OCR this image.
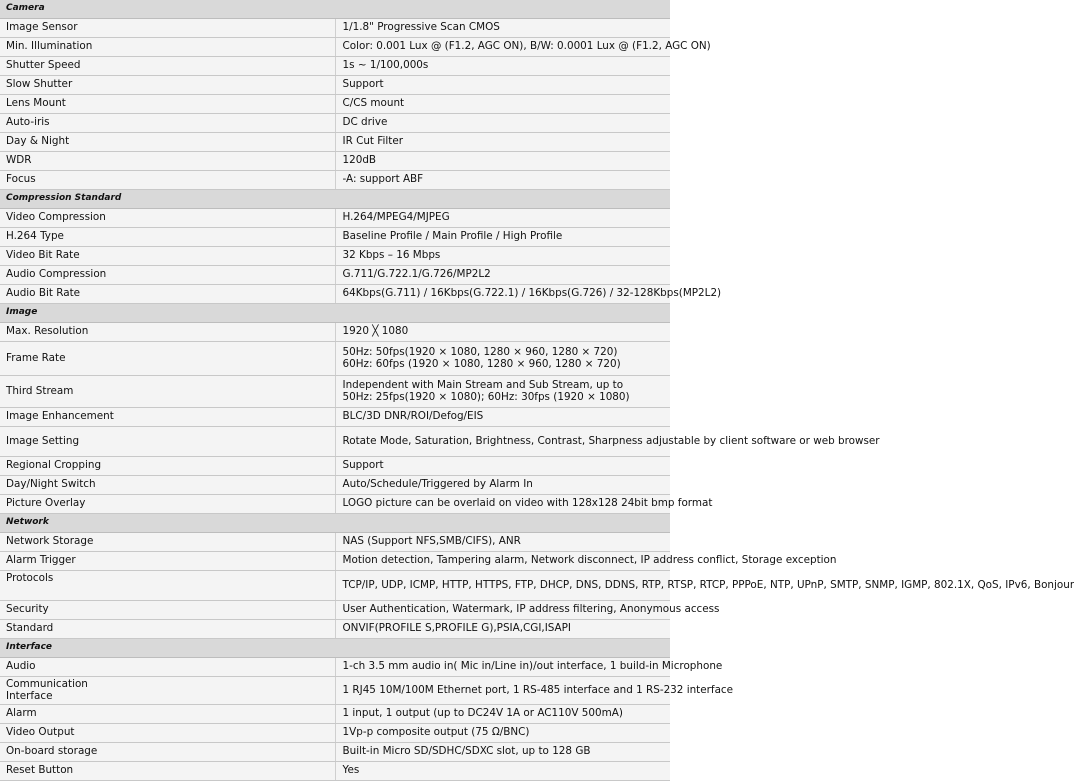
Camera	
Image Sensor	1/1.8" Progressive Scan CMOS
Min. Illumination	Color: 0.001 Lux @ (F1.2, AGC ON), B/W: 0.0001 Lux @ (F1.2, AGC ON)
Shutter Speed	1s ~ 1/100,000s
Slow Shutter	Support
Lens Mount	C/CS mount
Auto-iris	DC drive
Day & Night	IR Cut Filter
WDR	120dB
Focus	-A: support ABF
Compression Standard	
Video Compression	H.264/MPEG4/MJPEG
H.264 Type	Baseline Profile / Main Profile / High Profile
Video Bit Rate	32 Kbps – 16 Mbps
Audio Compression	G.711/G.722.1/G.726/MP2L2
Audio Bit Rate	64Kbps(G.711) / 16Kbps(G.722.1) / 16Kbps(G.726) / 32-128Kbps(MP2L2)
Image	
Max. Resolution	1920 ╳ 1080
Frame Rate	50Hz: 50fps(1920 × 1080, 1280 × 960, 1280 × 720)
60Hz: 60fps (1920 × 1080, 1280 × 960, 1280 × 720)

Third Stream	Independent with Main Stream and Sub Stream, up to
50Hz: 25fps(1920 × 1080); 60Hz: 30fps (1920 × 1080)

Image Enhancement	BLC/3D DNR/ROI/Defog/EIS
Image Setting	Rotate Mode, Saturation, Brightness, Contrast, Sharpness adjustable by client software or web browser
Regional Cropping	Support
Day/Night Switch	Auto/Schedule/Triggered by Alarm In
Picture Overlay	LOGO picture can be overlaid on video with 128x128 24bit bmp format
Network	
Network Storage	NAS (Support NFS,SMB/CIFS), ANR
Alarm Trigger	Motion detection, Tampering alarm, Network disconnect, IP address conflict, Storage exception
Protocols	TCP/IP, UDP, ICMP, HTTP, HTTPS, FTP, DHCP, DNS, DDNS, RTP, RTSP, RTCP, PPPoE, NTP, UPnP, SMTP, SNMP, IGMP, 802.1X, QoS, IPv6, Bonjour
Security	User Authentication, Watermark, IP address filtering, Anonymous access
Standard	ONVIF(PROFILE S,PROFILE G),PSIA,CGI,ISAPI
Interface	
Audio	1-ch 3.5 mm audio in( Mic in/Line in)/out interface, 1 build-in Microphone

Communication
Interface	1 RJ45 10M/100M Ethernet port, 1 RS-485 interface and 1 RS-232 interface
Alarm	1 input, 1 output (up to DC24V 1A or AC110V 500mA)
Video Output	1Vp-p composite output (75 Ω/BNC)
On-board storage	Built-in Micro SD/SDHC/SDXC slot, up to 128 GB
Reset Button	Yes
